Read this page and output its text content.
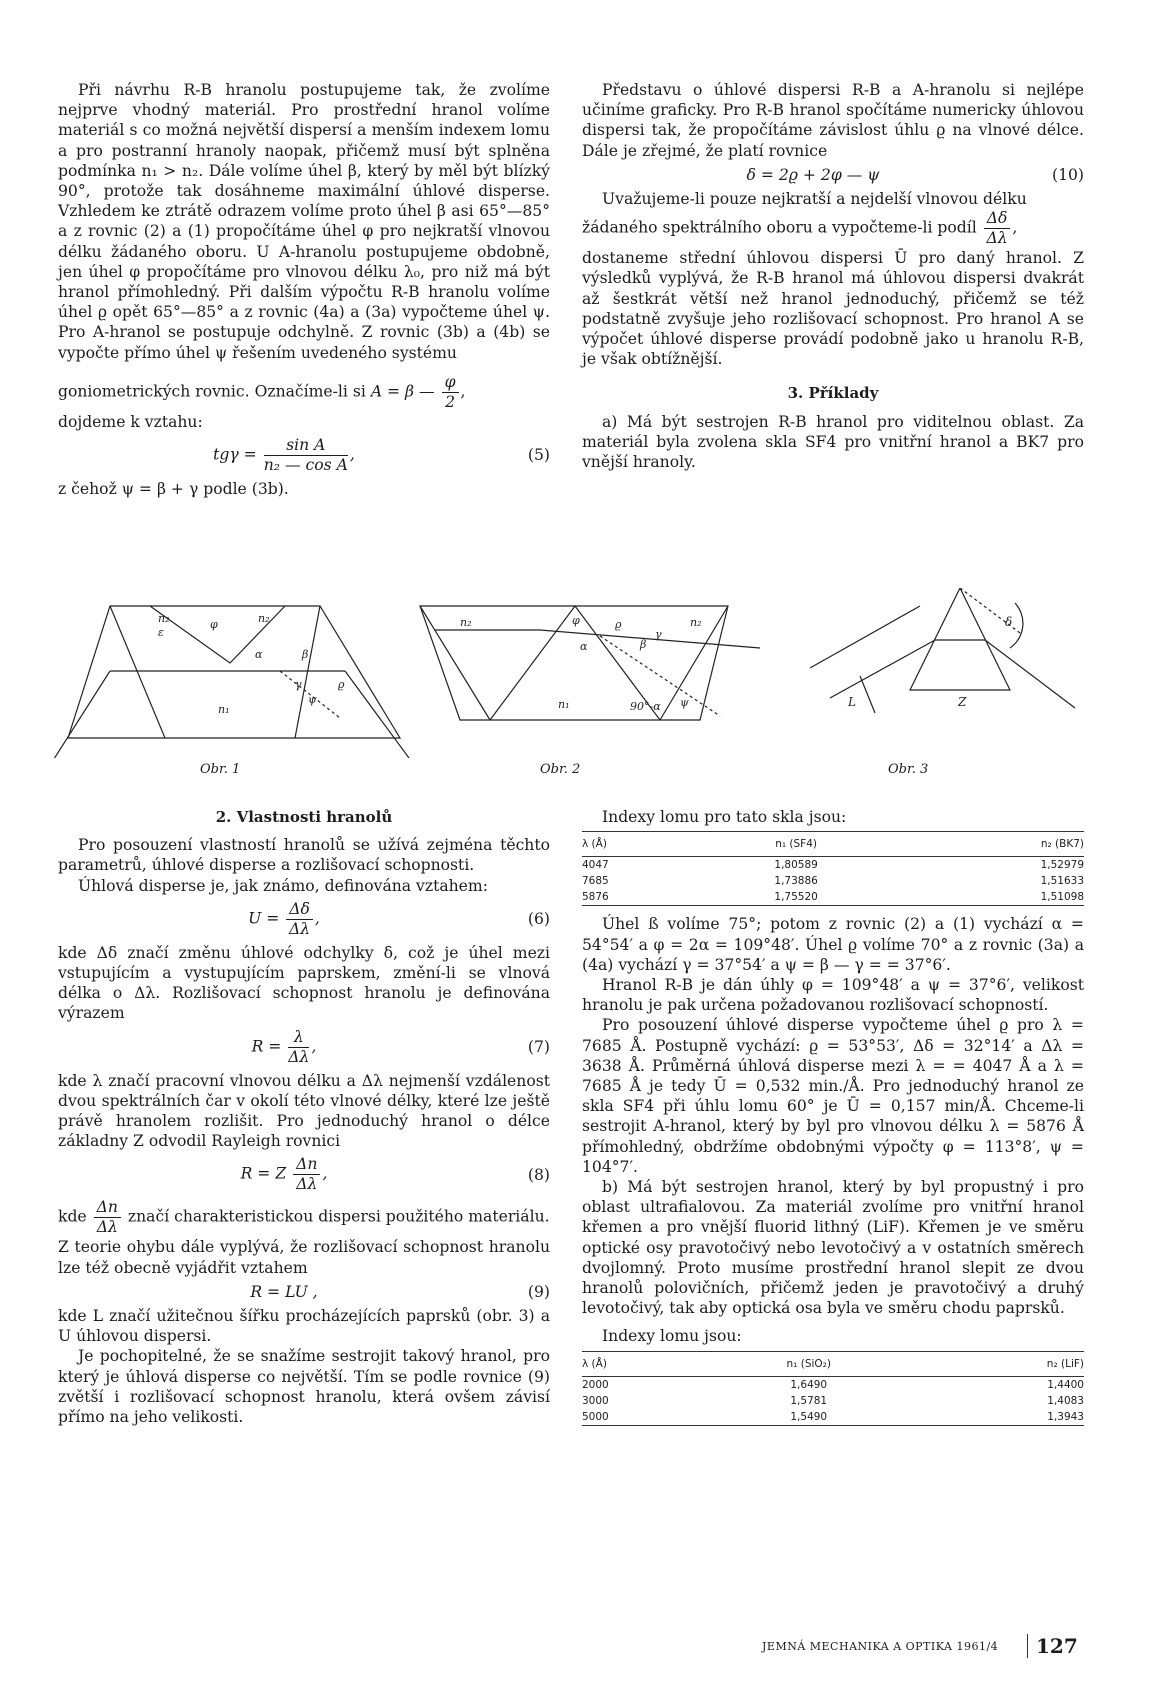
Při návrhu R-B hranolu postupujeme tak, že zvolíme nejprve vhodný materiál. Pro prostřední hranol volíme materiál s co možná největší dispersí a menším indexem lomu a pro postranní hranoly naopak, přičemž musí být splněna podmínka n₁ > n₂. Dále volíme úhel β, který by měl být blízký 90°, protože tak dosáhneme maximální úhlové disperse. Vzhledem ke ztrátě odrazem volíme proto úhel β asi 65°—85° a z rovnic (2) a (1) propočítáme úhel φ pro nejkratší vlnovou délku žádaného oboru. U A-hranolu postupujeme obdobně, jen úhel φ propočítáme pro vlnovou délku λ₀, pro niž má být hranol přímohledný. Při dalším výpočtu R-B hranolu volíme úhel ϱ opět 65°—85° a z rovnic (4a) a (3a) vypočteme úhel ψ. Pro A-hranol se postupuje odchylně. Z rovnic (3b) a (4b) se vypočte přímo úhel ψ řešením uvedeného systému

goniometrických rovnic. Označíme-li si A = β — $\frac{\varphi}{2}$ ,

dojdeme k vztahu:

$tg\gamma = \frac{\text{sin A}}{\text{n₂ — cos A}}$ ,	(5)

z čehož ψ = β + γ podle (3b).

Představu o úhlové dispersi R-B a A-hranolu si nejlépe učiníme graficky. Pro R-B hranol spočítáme numericky úhlovou dispersi tak, že propočítáme závislost úhlu ϱ na vlnové délce. Dále je zřejmé, že platí rovnice

δ = 2ϱ + 2φ — ψ	(10)

Uvažujeme-li pouze nejkratší a nejdelší vlnovou délku

žádaného spektrálního oboru a vypočteme-li podíl $\frac{\Delta\delta}{\Delta\lambda}$ ,

dostaneme střední úhlovou dispersi Ū pro daný hranol. Z výsledků vyplývá, že R-B hranol má úhlovou dispersi dvakrát až šestkrát větší než hranol jednoduchý, přičemž se též podstatně zvyšuje jeho rozlišovací schopnost. Pro hranol A se výpočet úhlové disperse provádí podobně jako u hranolu R-B, je však obtížnější.

3. Příklady

a) Má být sestrojen R-B hranol pro viditelnou oblast. Za materiál byla zvolena skla SF4 pro vnitřní hranol a BK7 pro vnější hranoly.

n₂	φ	n₂
α	β
γ
ψ
ϱ
n₁
ε
n₂	φ	ϱ
γ
n₂
α	β
n₁	90°-α ψ
δ
L	Z
Obr. 1	Obr. 2	Obr. 3
2. Vlastnosti hranolů

Pro posouzení vlastností hranolů se užívá zejména těchto parametrů, úhlové disperse a rozlišovací schopnosti.

Úhlová disperse je, jak známo, definována vztahem:

$U = \frac{\Delta\delta}{\Delta\lambda}$ ,	(6)

kde Δδ značí změnu úhlové odchylky δ, což je úhel mezi vstupujícím a vystupujícím paprskem, změní-li se vlnová délka o Δλ. Rozlišovací schopnost hranolu je definována výrazem

$R = \frac{\lambda}{\Delta\lambda}$ ,	(7)

kde λ značí pracovní vlnovou délku a Δλ nejmenší vzdálenost dvou spektrálních čar v okolí této vlnové délky, které lze ještě právě hranolem rozlišit. Pro jednoduchý hranol o délce základny Z odvodil Rayleigh rovnici

R = Z $\frac{\Delta n}{\Delta\lambda}$ ,	(8)

kde $\frac{\Delta n}{\Delta\lambda}$ značí charakteristickou dispersi použitého materiálu.

Z teorie ohybu dále vyplývá, že rozlišovací schopnost hranolu lze též obecně vyjádřit vztahem

R = LU ,	(9)

kde L značí užitečnou šířku procházejících paprsků (obr. 3) a U úhlovou dispersi.

Je pochopitelné, že se snažíme sestrojit takový hranol, pro který je úhlová disperse co největší. Tím se podle rovnice (9) zvětší i rozlišovací schopnost hranolu, která ovšem závisí přímo na jeho velikosti.

Indexy lomu pro tato skla jsou:

λ (Å)	n₁ (SF4)	n₂ (BK7)
4047	1,80589	1,52979
7685	1,73886	1,51633
5876	1,75520	1,51098

Úhel ß volíme 75°; potom z rovnic (2) a (1) vychází α = 54°54′ a φ = 2α = 109°48′. Úhel ϱ volíme 70° a z rovnic (3a) a (4a) vychází γ = 37°54′ a ψ = β — γ = = 37°6′.

Hranol R-B je dán úhly φ = 109°48′ a ψ = 37°6′, velikost hranolu je pak určena požadovanou rozlišovací schopností.

Pro posouzení úhlové disperse vypočteme úhel ϱ pro λ = 7685 Å. Postupně vychází: ϱ = 53°53′, Δδ = 32°14′ a Δλ = 3638 Å. Průměrná úhlová disperse mezi λ = = 4047 Å a λ = 7685 Å je tedy Ū = 0,532 min./Å. Pro jednoduchý hranol ze skla SF4 při úhlu lomu 60° je Ū = 0,157 min/Å. Chceme-li sestrojit A-hranol, který by byl pro vlnovou délku λ = 5876 Å přímohledný, obdržíme obdobnými výpočty φ = 113°8′, ψ = 104°7′.

b) Má být sestrojen hranol, který by byl propustný i pro oblast ultrafialovou. Za materiál zvolíme pro vnitřní hranol křemen a pro vnější fluorid lithný (LiF). Křemen je ve směru optické osy pravotočivý nebo levotočivý a v ostatních směrech dvojlomný. Proto musíme prostřední hranol slepit ze dvou hranolů polovičních, přičemž jeden je pravotočivý a druhý levotočivý, tak aby optická osa byla ve směru chodu paprsků.

Indexy lomu jsou:

λ (Å)	n₁ (SiO₂)	n₂ (LiF)
2000	1,6490	1,4400
3000	1,5781	1,4083
5000	1,5490	1,3943
JEMNÁ MECHANIKA A OPTIKA 1961/4	127
